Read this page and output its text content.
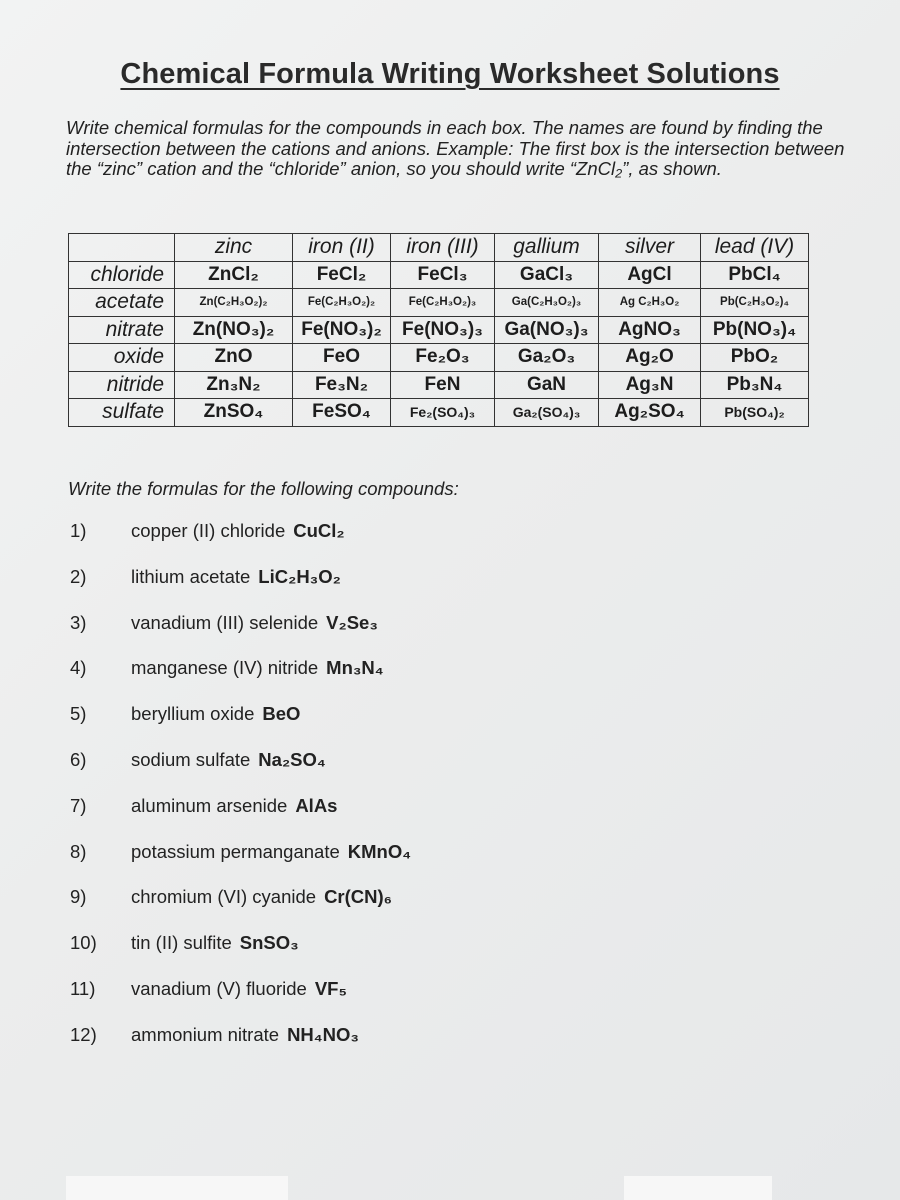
Chemical Formula Writing Worksheet Solutions
Write chemical formulas for the compounds in each box. The names are found by finding the intersection between the cations and anions. Example: The first box is the intersection between the “zinc” cation and the “chloride” anion, so you should write “ZnCl₂”, as shown.
	zinc	iron (II)	iron (III)	gallium	silver	lead (IV)
chloride	ZnCl₂	FeCl₂	FeCl₃	GaCl₃	AgCl	PbCl₄
acetate	Zn(C₂H₃O₂)₂	Fe(C₂H₃O₂)₂	Fe(C₂H₃O₂)₃	Ga(C₂H₃O₂)₃	Ag C₂H₃O₂	Pb(C₂H₃O₂)₄
nitrate	Zn(NO₃)₂	Fe(NO₃)₂	Fe(NO₃)₃	Ga(NO₃)₃	AgNO₃	Pb(NO₃)₄
oxide	ZnO	FeO	Fe₂O₃	Ga₂O₃	Ag₂O	PbO₂
nitride	Zn₃N₂	Fe₃N₂	FeN	GaN	Ag₃N	Pb₃N₄
sulfate	ZnSO₄	FeSO₄	Fe₂(SO₄)₃	Ga₂(SO₄)₃	Ag₂SO₄	Pb(SO₄)₂
Write the formulas for the following compounds:
1)	copper (II) chloride CuCl₂
2)	lithium acetate LiC₂H₃O₂
3)	vanadium (III) selenide V₂Se₃
4)	manganese (IV) nitride Mn₃N₄
5)	beryllium oxide BeO
6)	sodium sulfate Na₂SO₄
7)	aluminum arsenide AlAs
8)	potassium permanganate KMnO₄
9)	chromium (VI) cyanide Cr(CN)₆
10)	tin (II) sulfite SnSO₃
11)	vanadium (V) fluoride VF₅
12)	ammonium nitrate NH₄NO₃
